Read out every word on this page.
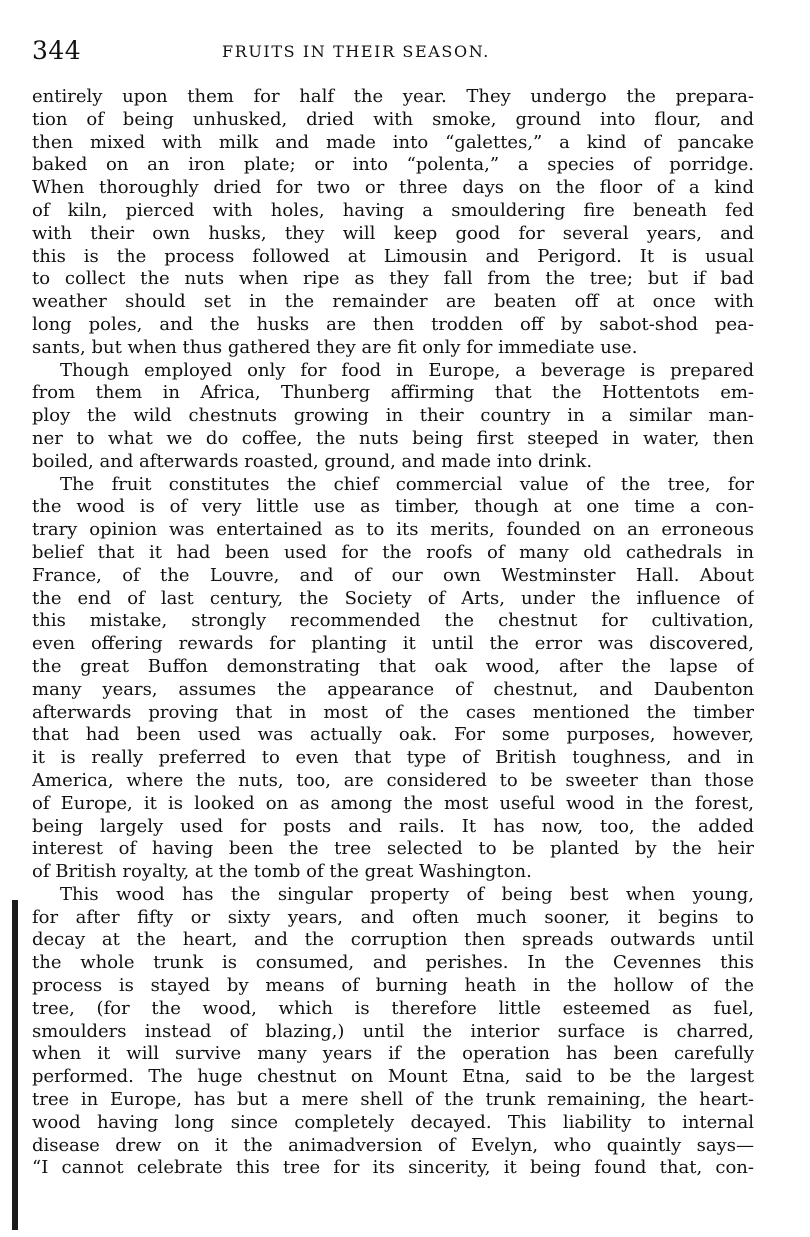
344	FRUITS IN THEIR SEASON.
entirely upon them for half the year. They undergo the prepara-
tion of being unhusked, dried with smoke, ground into flour, and
then mixed with milk and made into “galettes,” a kind of pancake
baked on an iron plate; or into “polenta,” a species of porridge.
When thoroughly dried for two or three days on the floor of a kind
of kiln, pierced with holes, having a smouldering fire beneath fed
with their own husks, they will keep good for several years, and
this is the process followed at Limousin and Perigord. It is usual
to collect the nuts when ripe as they fall from the tree; but if bad
weather should set in the remainder are beaten off at once with
long poles, and the husks are then trodden off by sabot-shod pea-
sants, but when thus gathered they are fit only for immediate use.
Though employed only for food in Europe, a beverage is prepared
from them in Africa, Thunberg affirming that the Hottentots em-
ploy the wild chestnuts growing in their country in a similar man-
ner to what we do coffee, the nuts being first steeped in water, then
boiled, and afterwards roasted, ground, and made into drink.
The fruit constitutes the chief commercial value of the tree, for
the wood is of very little use as timber, though at one time a con-
trary opinion was entertained as to its merits, founded on an erroneous
belief that it had been used for the roofs of many old cathedrals in
France, of the Louvre, and of our own Westminster Hall. About
the end of last century, the Society of Arts, under the influence of
this mistake, strongly recommended the chestnut for cultivation,
even offering rewards for planting it until the error was discovered,
the great Buffon demonstrating that oak wood, after the lapse of
many years, assumes the appearance of chestnut, and Daubenton
afterwards proving that in most of the cases mentioned the timber
that had been used was actually oak. For some purposes, however,
it is really preferred to even that type of British toughness, and in
America, where the nuts, too, are considered to be sweeter than those
of Europe, it is looked on as among the most useful wood in the forest,
being largely used for posts and rails. It has now, too, the added
interest of having been the tree selected to be planted by the heir
of British royalty, at the tomb of the great Washington.
This wood has the singular property of being best when young,
for after fifty or sixty years, and often much sooner, it begins to
decay at the heart, and the corruption then spreads outwards until
the whole trunk is consumed, and perishes. In the Cevennes this
process is stayed by means of burning heath in the hollow of the
tree, (for the wood, which is therefore little esteemed as fuel,
smoulders instead of blazing,) until the interior surface is charred,
when it will survive many years if the operation has been carefully
performed. The huge chestnut on Mount Etna, said to be the largest
tree in Europe, has but a mere shell of the trunk remaining, the heart-
wood having long since completely decayed. This liability to internal
disease drew on it the animadversion of Evelyn, who quaintly says—
“I cannot celebrate this tree for its sincerity, it being found that, con-
